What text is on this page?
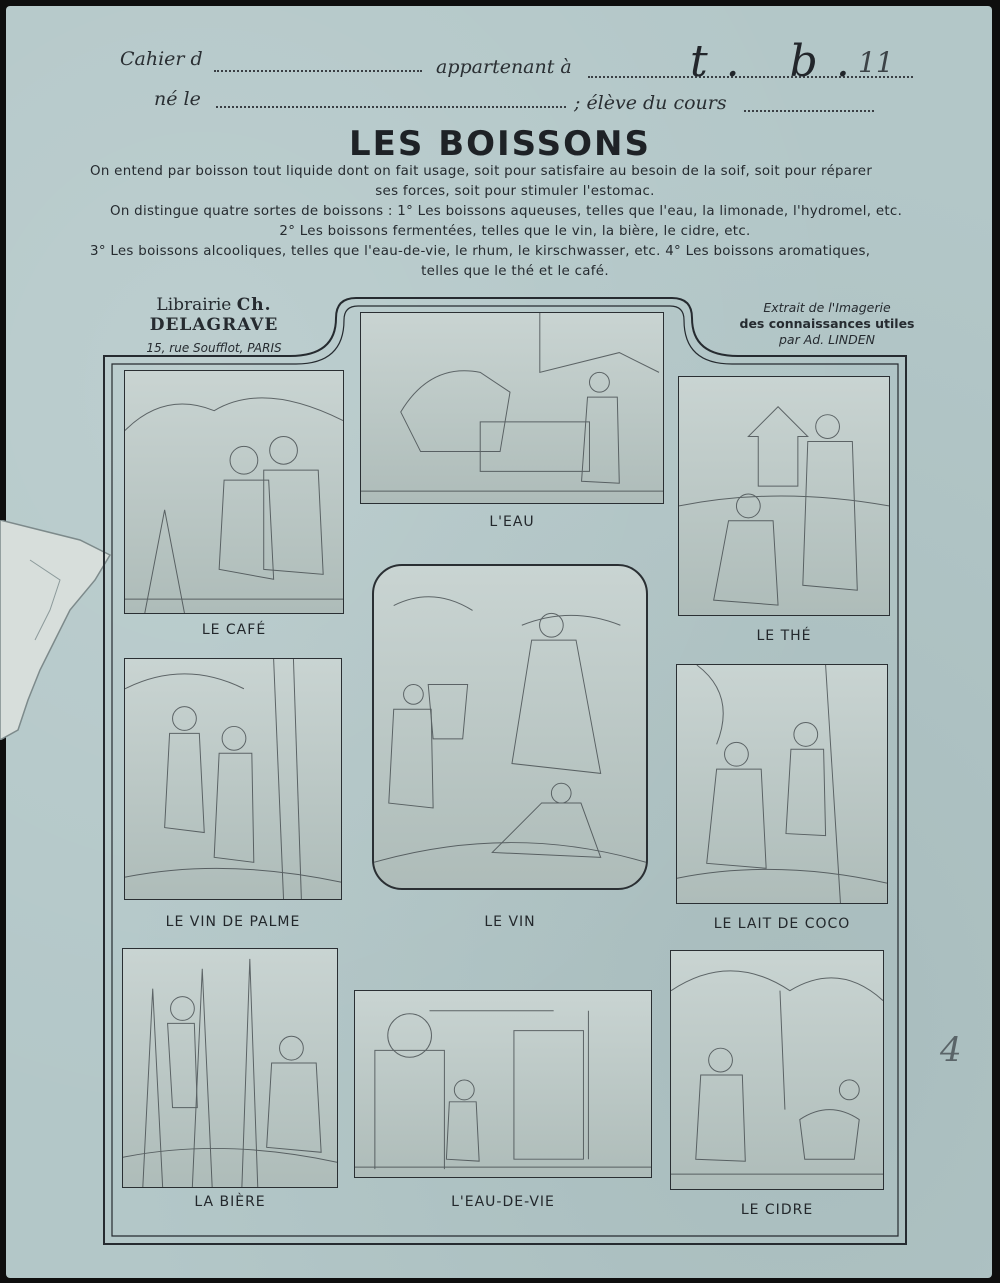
Cahier d	appartenant à	t. b.
11
né le	; élève du cours
LES BOISSONS

On entend par boisson tout liquide dont on fait usage, soit pour satisfaire au besoin de la soif, soit pour réparer

ses forces, soit pour stimuler l'estomac.

On distingue quatre sortes de boissons : 1° Les boissons aqueuses, telles que l'eau, la limonade, l'hydromel, etc.

2° Les boissons fermentées, telles que le vin, la bière, le cidre, etc.

3° Les boissons alcooliques, telles que l'eau-de-vie, le rhum, le kirschwasser, etc. 4° Les boissons aromatiques,

telles que le thé et le café.

Librairie Ch. DELAGRAVE
15, rue Soufflot, PARIS
Extrait de l'Imagerie
des connaissances utiles
par Ad. LINDEN
LE CAFÉ
LE VIN DE PALME
LA BIÈRE
L'EAU
LE VIN
L'EAU-DE-VIE
LE THÉ
LE LAIT DE COCO
LE CIDRE
4
